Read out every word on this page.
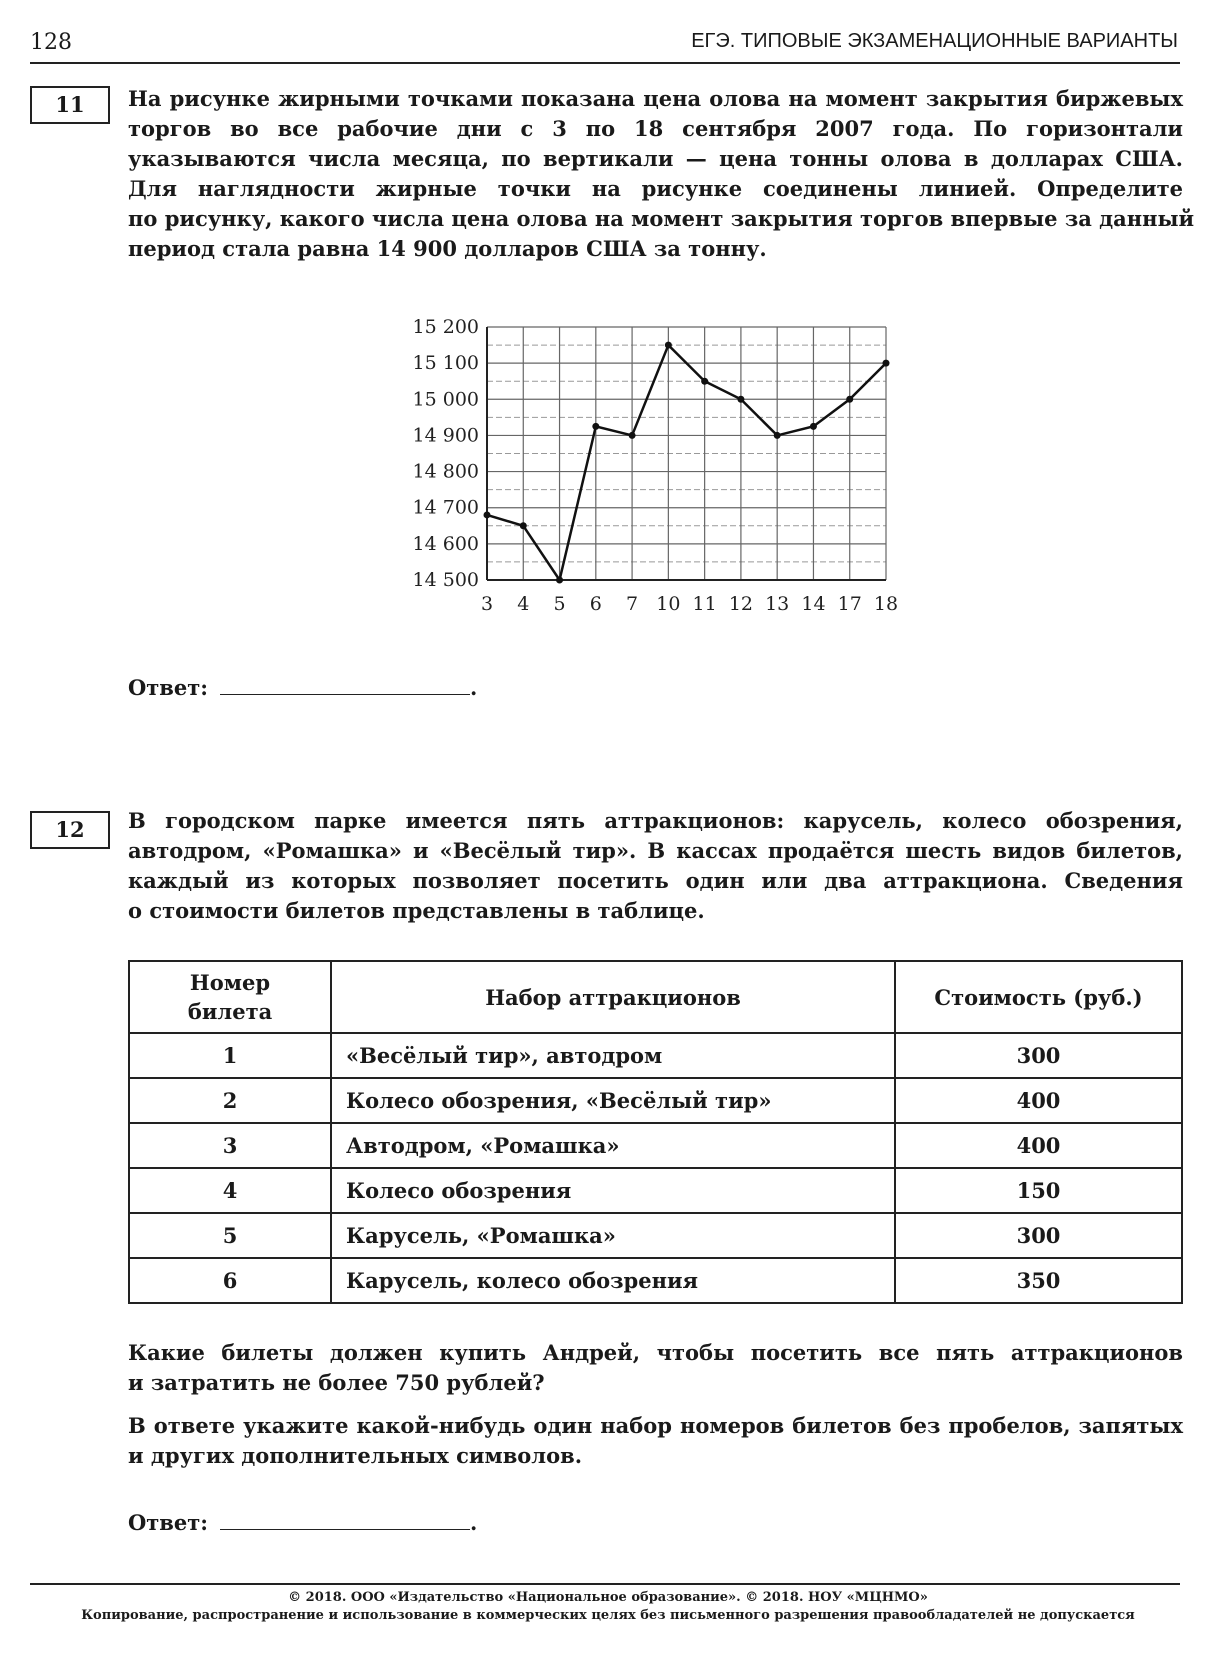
128	ЕГЭ. ТИПОВЫЕ ЭКЗАМЕНАЦИОННЫЕ ВАРИАНТЫ
11	На рисунке жирными точками показана цена олова на момент закрытия биржевых
торгов во все рабочие дни с 3 по 18 сентября 2007 года. По горизонтали
указываются числа месяца, по вертикали — цена тонны олова в долларах США.
Для наглядности жирные точки на рисунке соединены линией. Определите
по рисунку, какого числа цена олова на момент закрытия торгов впервые за данный
период стала равна 14 900 долларов США за тонну.
14 500
14 600
14 700
14 800
14 900
15 000
15 100
15 200
3 4 5 6 7 10 11 12 13 14 17 18
Ответ:	.
12	В городском парке имеется пять аттракционов: карусель, колесо обозрения,
автодром, «Ромашка» и «Весёлый тир». В кассах продаётся шесть видов билетов,
каждый из которых позволяет посетить один или два аттракциона. Сведения
о стоимости билетов представлены в таблице.
Номер билета	Набор аттракционов	Стоимость (руб.)
1	«Весёлый тир», автодром	300
2	Колесо обозрения, «Весёлый тир»	400
3	Автодром, «Ромашка»	400
4	Колесо обозрения	150
5	Карусель, «Ромашка»	300
6	Карусель, колесо обозрения	350
Какие билеты должен купить Андрей, чтобы посетить все пять аттракционов
и затратить не более 750 рублей?
В ответе укажите какой-нибудь один набор номеров билетов без пробелов, запятых
и других дополнительных символов.
Ответ:	.
© 2018. ООО «Издательство «Национальное образование». © 2018. НОУ «МЦНМО»
Копирование, распространение и использование в коммерческих целях без письменного разрешения правообладателей не допускается
